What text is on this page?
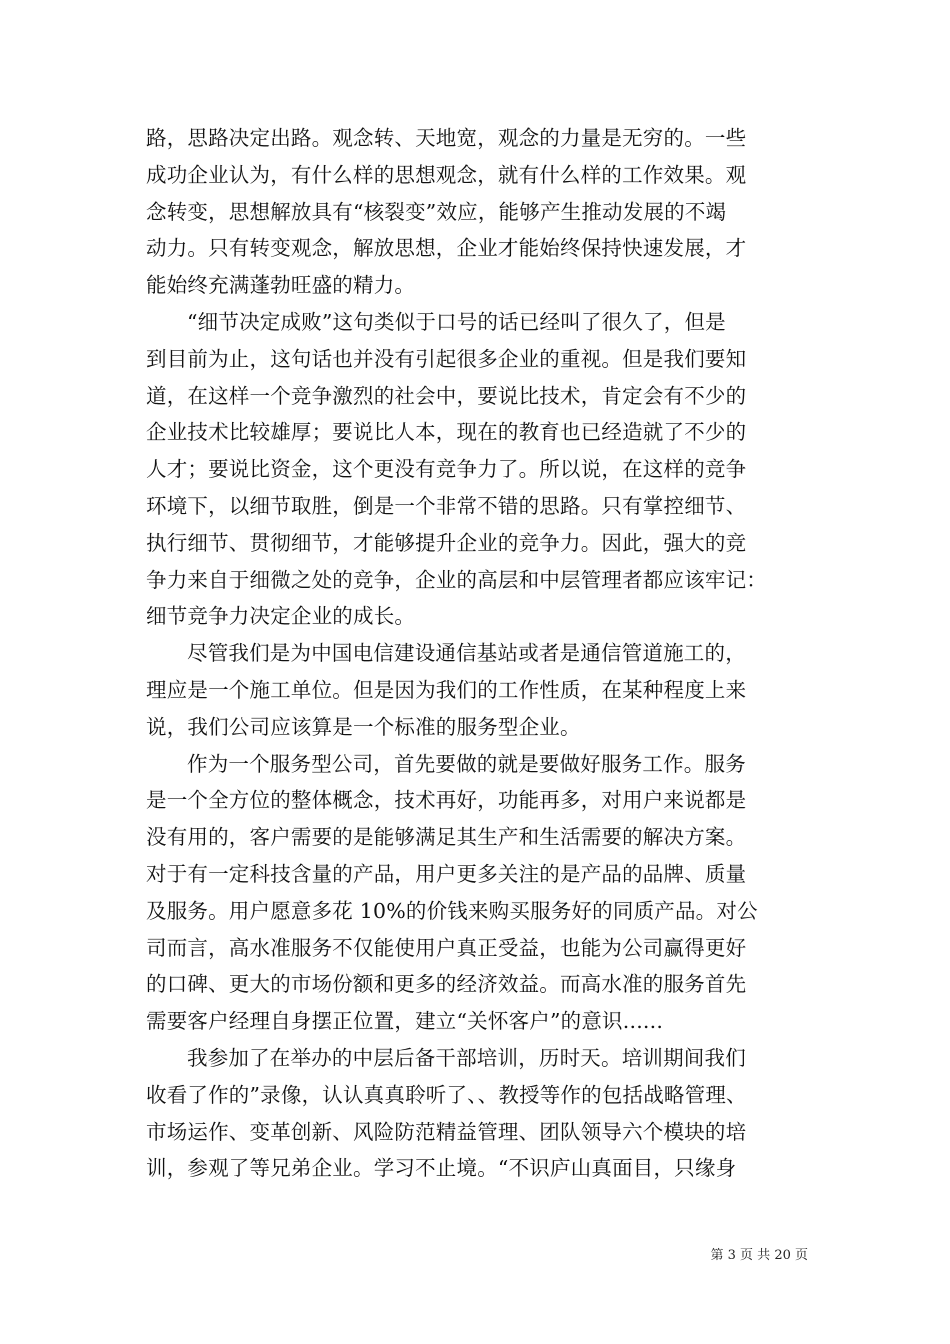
路，思路决定出路。观念转、天地宽，观念的力量是无穷的。一些
成功企业认为，有什么样的思想观念，就有什么样的工作效果。观
念转变，思想解放具有“核裂变”效应，能够产生推动发展的不竭
动力。只有转变观念，解放思想，企业才能始终保持快速发展，才
能始终充满蓬勃旺盛的精力。
“细节决定成败”这句类似于口号的话已经叫了很久了，但是
到目前为止，这句话也并没有引起很多企业的重视。但是我们要知
道，在这样一个竞争激烈的社会中，要说比技术，肯定会有不少的
企业技术比较雄厚；要说比人本，现在的教育也已经造就了不少的
人才；要说比资金，这个更没有竞争力了。所以说，在这样的竞争
环境下，以细节取胜，倒是一个非常不错的思路。只有掌控细节、
执行细节、贯彻细节，才能够提升企业的竞争力。因此，强大的竞
争力来自于细微之处的竞争，企业的高层和中层管理者都应该牢记：
细节竞争力决定企业的成长。
尽管我们是为中国电信建设通信基站或者是通信管道施工的，
理应是一个施工单位。但是因为我们的工作性质，在某种程度上来
说，我们公司应该算是一个标准的服务型企业。
作为一个服务型公司，首先要做的就是要做好服务工作。服务
是一个全方位的整体概念，技术再好，功能再多，对用户来说都是
没有用的，客户需要的是能够满足其生产和生活需要的解决方案。
对于有一定科技含量的产品，用户更多关注的是产品的品牌、质量
及服务。用户愿意多花 10%的价钱来购买服务好的同质产品。对公
司而言，高水准服务不仅能使用户真正受益，也能为公司赢得更好
的口碑、更大的市场份额和更多的经济效益。而高水准的服务首先
需要客户经理自身摆正位置，建立“关怀客户”的意识......
我参加了在举办的中层后备干部培训，历时天。培训期间我们
收看了作的”录像，认认真真聆听了、、教授等作的包括战略管理、
市场运作、变革创新、风险防范精益管理、团队领导六个模块的培
训，参观了等兄弟企业。学习不止境。“不识庐山真面目，只缘身
第 3 页 共 20 页
